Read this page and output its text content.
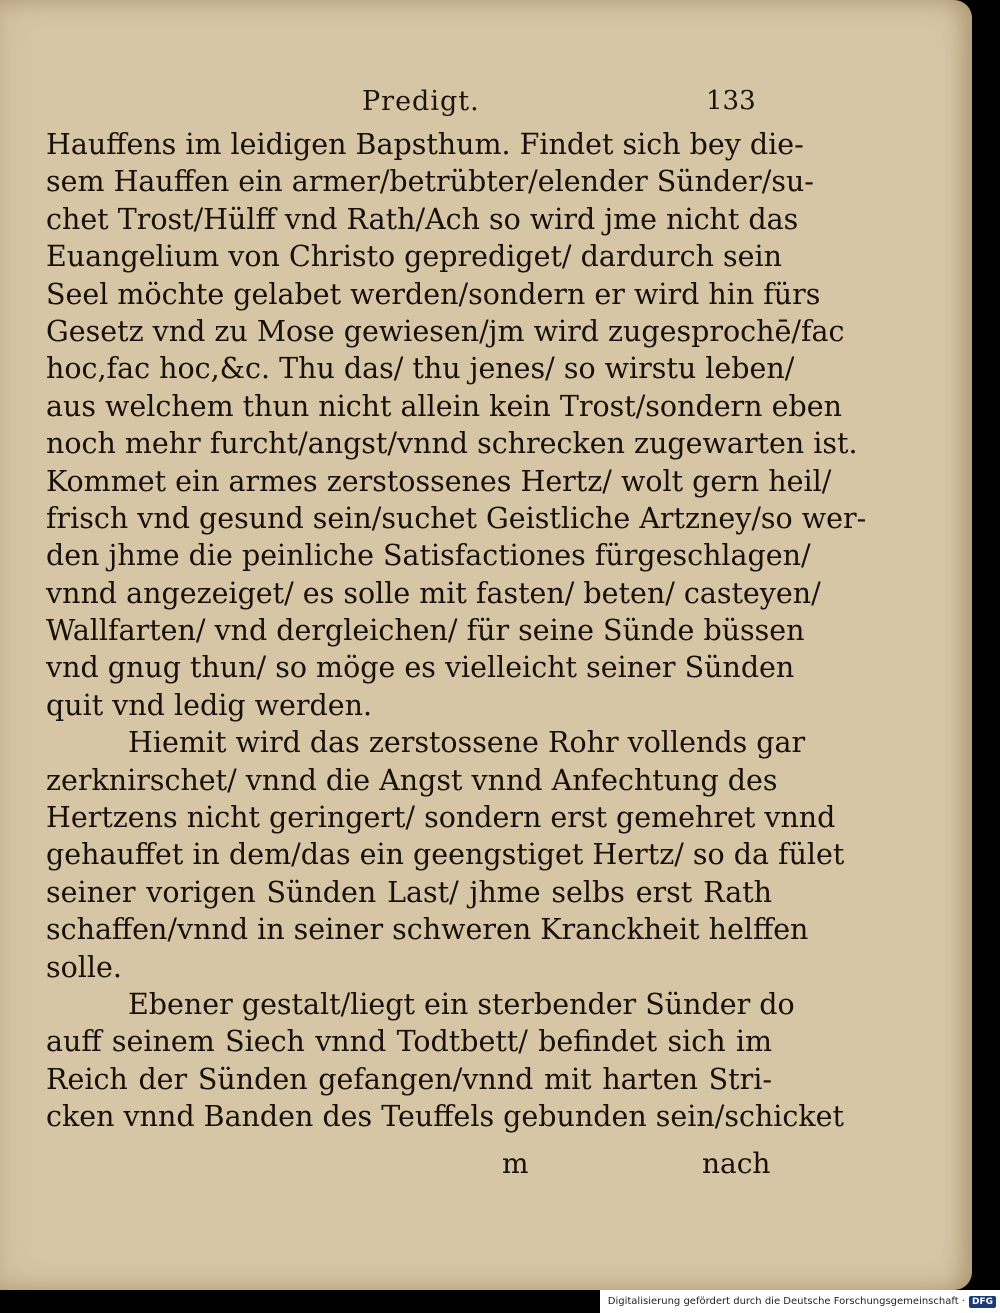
Predigt.	133
Hauffens im leidigen Bapsthum. Findet sich bey die-
sem Hauffen ein armer/betrübter/elender Sünder/su-
chet Trost/Hülff vnd Rath/Ach so wird jme nicht das
Euangelium von Christo geprediget/ dardurch sein
Seel möchte gelabet werden/sondern er wird hin fürs
Gesetz vnd zu Mose gewiesen/jm wird zugesprochē/fac
hoc,fac hoc,&c. Thu das/ thu jenes/ so wirstu leben/
aus welchem thun nicht allein kein Trost/sondern eben
noch mehr furcht/angst/vnnd schrecken zugewarten ist.
Kommet ein armes zerstossenes Hertz/ wolt gern heil/
frisch vnd gesund sein/suchet Geistliche Artzney/so wer-
den jhme die peinliche Satisfactiones fürgeschlagen/
vnnd angezeiget/ es solle mit fasten/ beten/ casteyen/
Wallfarten/ vnd dergleichen/ für seine Sünde büssen
vnd gnug thun/ so möge es vielleicht seiner Sünden
quit vnd ledig werden.
Hiemit wird das zerstossene Rohr vollends gar
zerknirschet/ vnnd die Angst vnnd Anfechtung des
Hertzens nicht geringert/ sondern erst gemehret vnnd
gehauffet in dem/das ein geengstiget Hertz/ so da fület
seiner vorigen Sünden Last/ jhme selbs erst Rath
schaffen/vnnd in seiner schweren Kranckheit helffen
solle.
Ebener gestalt/liegt ein sterbender Sünder do
auff seinem Siech vnnd Todtbett/ befindet sich im
Reich der Sünden gefangen/vnnd mit harten Stri-
cken vnnd Banden des Teuffels gebunden sein/schicket
m	nach
Digitalisierung gefördert durch die Deutsche Forschungsgemeinschaft · DFG
